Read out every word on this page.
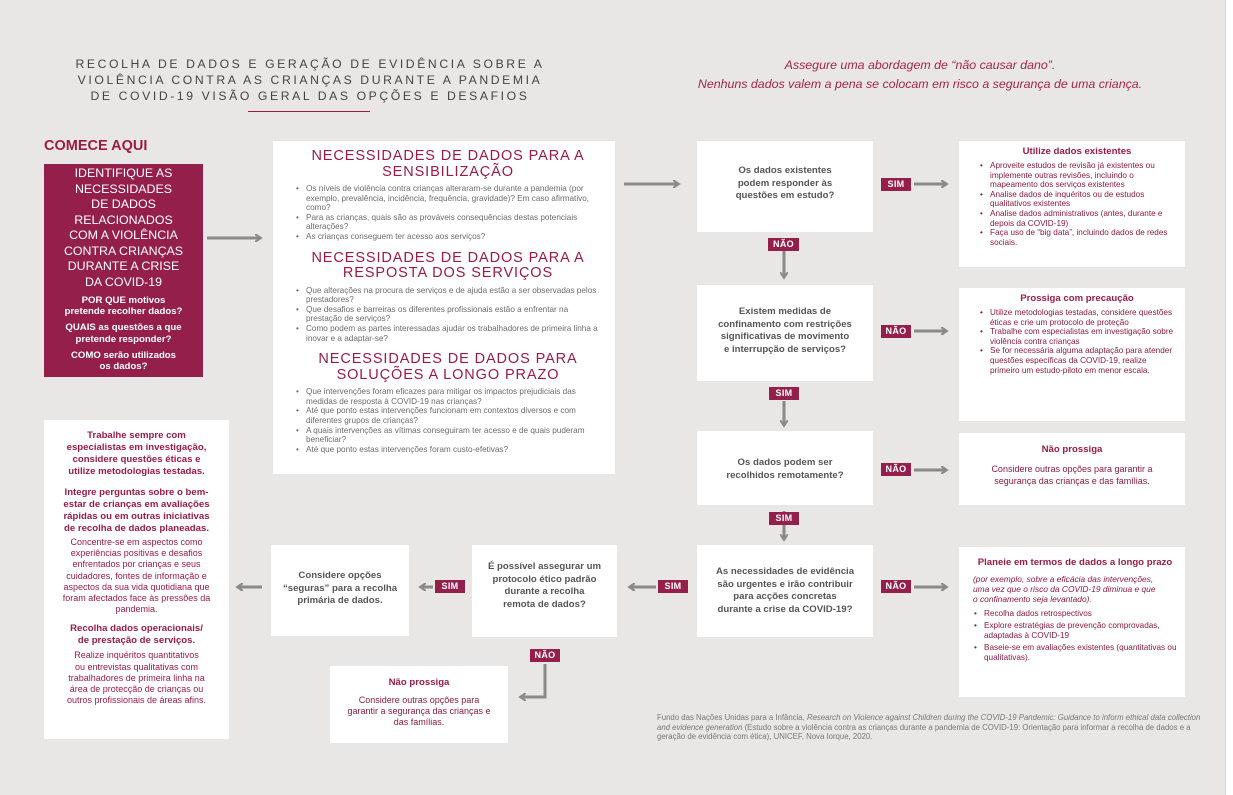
RECOLHA DE DADOS E GERAÇÃO DE EVIDÊNCIA SOBRE A
VIOLÊNCIA CONTRA AS CRIANÇAS DURANTE A PANDEMIA
DE COVID-19 VISÃO GERAL DAS OPÇÕES E DESAFIOS
Assegure uma abordagem de “não causar dano”.
Nenhuns dados valem a pena se colocam em risco a segurança de uma criança.
COMECE AQUI
IDENTIFIQUE AS
NECESSIDADES
DE DADOS
RELACIONADOS
COM A VIOLÊNCIA
CONTRA CRIANÇAS
DURANTE A CRISE
DA COVID-19
POR QUE motivos
pretende recolher dados?
QUAIS as questões a que
pretende responder?
COMO serão utilizados
os dados?
NECESSIDADES DE DADOS PARA A
SENSIBILIZAÇÃO
• Os níveis de violência contra crianças alteraram-se durante a pandemia (por exemplo, prevalência, incidência, frequência, gravidade)? Em caso afirmativo, como?
• Para as crianças, quais são as prováveis consequências destas potenciais alterações?
• As crianças conseguem ter acesso aos serviços?
NECESSIDADES DE DADOS PARA A
RESPOSTA DOS SERVIÇOS
• Que alterações na procura de serviços e de ajuda estão a ser observadas pelos prestadores?
• Que desafios e barreiras os diferentes profissionais estão a enfrentar na prestação de serviços?
• Como podem as partes interessadas ajudar os trabalhadores de primeira linha a inovar e a adaptar-se?
NECESSIDADES DE DADOS PARA
SOLUÇÕES A LONGO PRAZO
• Que intervenções foram eficazes para mitigar os impactos prejudiciais das medidas de resposta à COVID-19 nas crianças?
• Até que ponto estas intervenções funcionam em contextos diversos e com diferentes grupos de crianças?
• A quais intervenções as vítimas conseguiram ter acesso e de quais puderam beneficiar?
• Até que ponto estas intervenções foram custo-efetivas?
Os dados existentes
podem responder às
questões em estudo?
Existem medidas de
confinamento com restrições
significativas de movimento
e interrupção de serviços?
Os dados podem ser
recolhidos remotamente?
As necessidades de evidência
são urgentes e irão contribuir
para acções concretas
durante a crise da COVID-19?
É possível assegurar um
protocolo ético padrão
durante a recolha
remota de dados?
Considere opções
“seguras” para a recolha
primária de dados.
Utilize dados existentes
• Aproveite estudos de revisão já existentes ou implemente outras revisões, incluindo o mapeamento dos serviços existentes
• Analise dados de inquéritos ou de estudos qualitativos existentes
• Analise dados administrativos (antes, durante e depois da COVID-19)
• Faça uso de “big data”, incluindo dados de redes sociais.
Prossiga com precaução
• Utilize metodologias testadas, considere questões éticas e crie um protocolo de proteção
• Trabalhe com especialistas em investigação sobre violência contra crianças
• Se for necessária alguma adaptação para atender questões específicas da COVID-19, realize primeiro um estudo-piloto em menor escala.
Não prossiga
Considere outras opções para garantir a
segurança das crianças e das famílias.
Planeie em termos de dados a longo prazo
(por exemplo, sobre a eficácia das intervenções,
uma vez que o risco da COVID-19 diminua e que
o confinamento seja levantado).
• Recolha dados retrospectivos
• Explore estratégias de prevenção comprovadas, adaptadas à COVID-19
• Baseie-se em avaliações existentes (quantitativas ou qualitativas).
Não prossiga
Considere outras opções para
garantir a segurança das crianças e
das famílias.
Trabalhe sempre com
especialistas em investigação,
considere questões éticas e
utilize metodologias testadas.
Integre perguntas sobre o bem-
estar de crianças em avaliações
rápidas ou em outras iniciativas
de recolha de dados planeadas.
Concentre-se em aspectos como
experiências positivas e desafios
enfrentados por crianças e seus
cuidadores, fontes de informação e
aspectos da sua vida quotidiana que
foram afectados face às pressões da
pandemia.
Recolha dados operacionais/
de prestação de serviços.
Realize inquéritos quantitativos
ou entrevistas qualitativas com
trabalhadores de primeira linha na
área de protecção de crianças ou
outros profissionais de áreas afins.
SIM
NÃO
NÃO
SIM
NÃO
SIM
NÃO
SIM
SIM
NÃO
Fundo das Nações Unidas para a Infância, Research on Violence against Children during the COVID-19 Pandemic: Guidance to inform ethical data collection and evidence generation (Estudo sobre a violência contra as crianças durante a pandemia de COVID-19: Orientação para informar a recolha de dados e a geração de evidência com ética), UNICEF, Nova Iorque, 2020.
